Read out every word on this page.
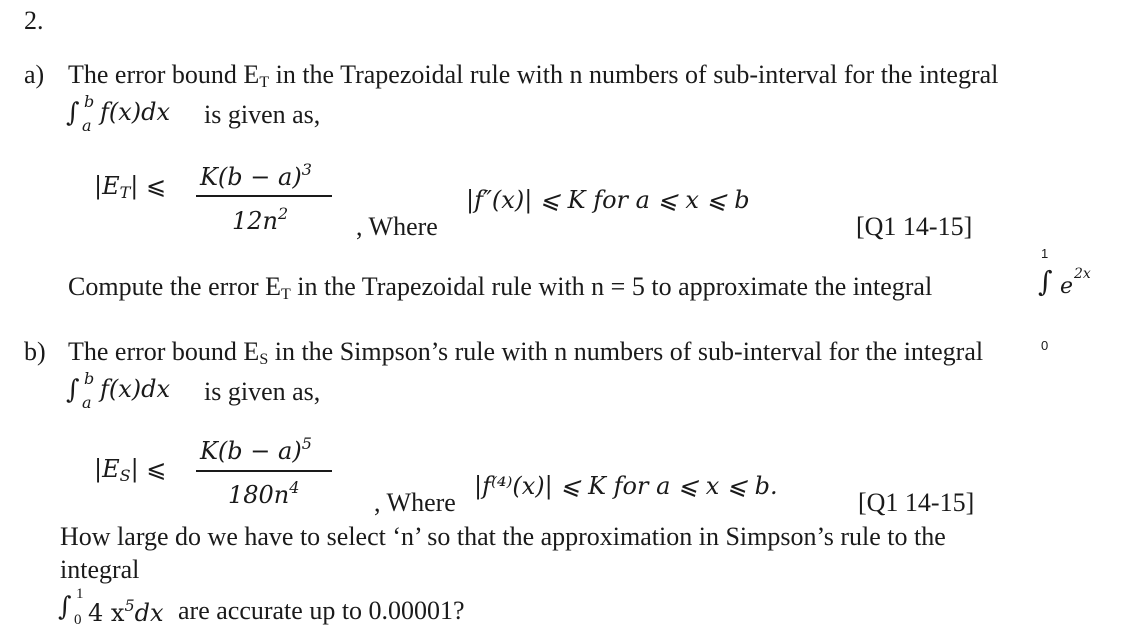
2.
a) The error bound $E_T$ in the Trapezoidal rule with n numbers of sub-interval for the integral
∫ b
a f(x)dx is given as,
$|E_T|$ ⩽ $K(b - a)^3$
$12n^2$	, Where
|f″(x)| ⩽ K for a ⩽ x ⩽ b
[Q1 14-15]
Compute the error $E_T$ in the Trapezoidal rule with n = 5 to approximate the integral
1
∫
0
e 2x
b) The error bound $E_S$ in the Simpson’s rule with n numbers of sub-interval for the integral
∫ b
a f(x)dx is given as,
$|E_S|$ ⩽
$K(b - a)^5$
$180n^4$
, Where
|f⁽⁴⁾(x)| ⩽ K for a ⩽ x ⩽ b.
[Q1 14-15]
How large do we have to select ‘n’ so that the approximation in Simpson’s rule to the
integral
∫ 1
0 4 $x^5dx$ are accurate up to 0.00001?
